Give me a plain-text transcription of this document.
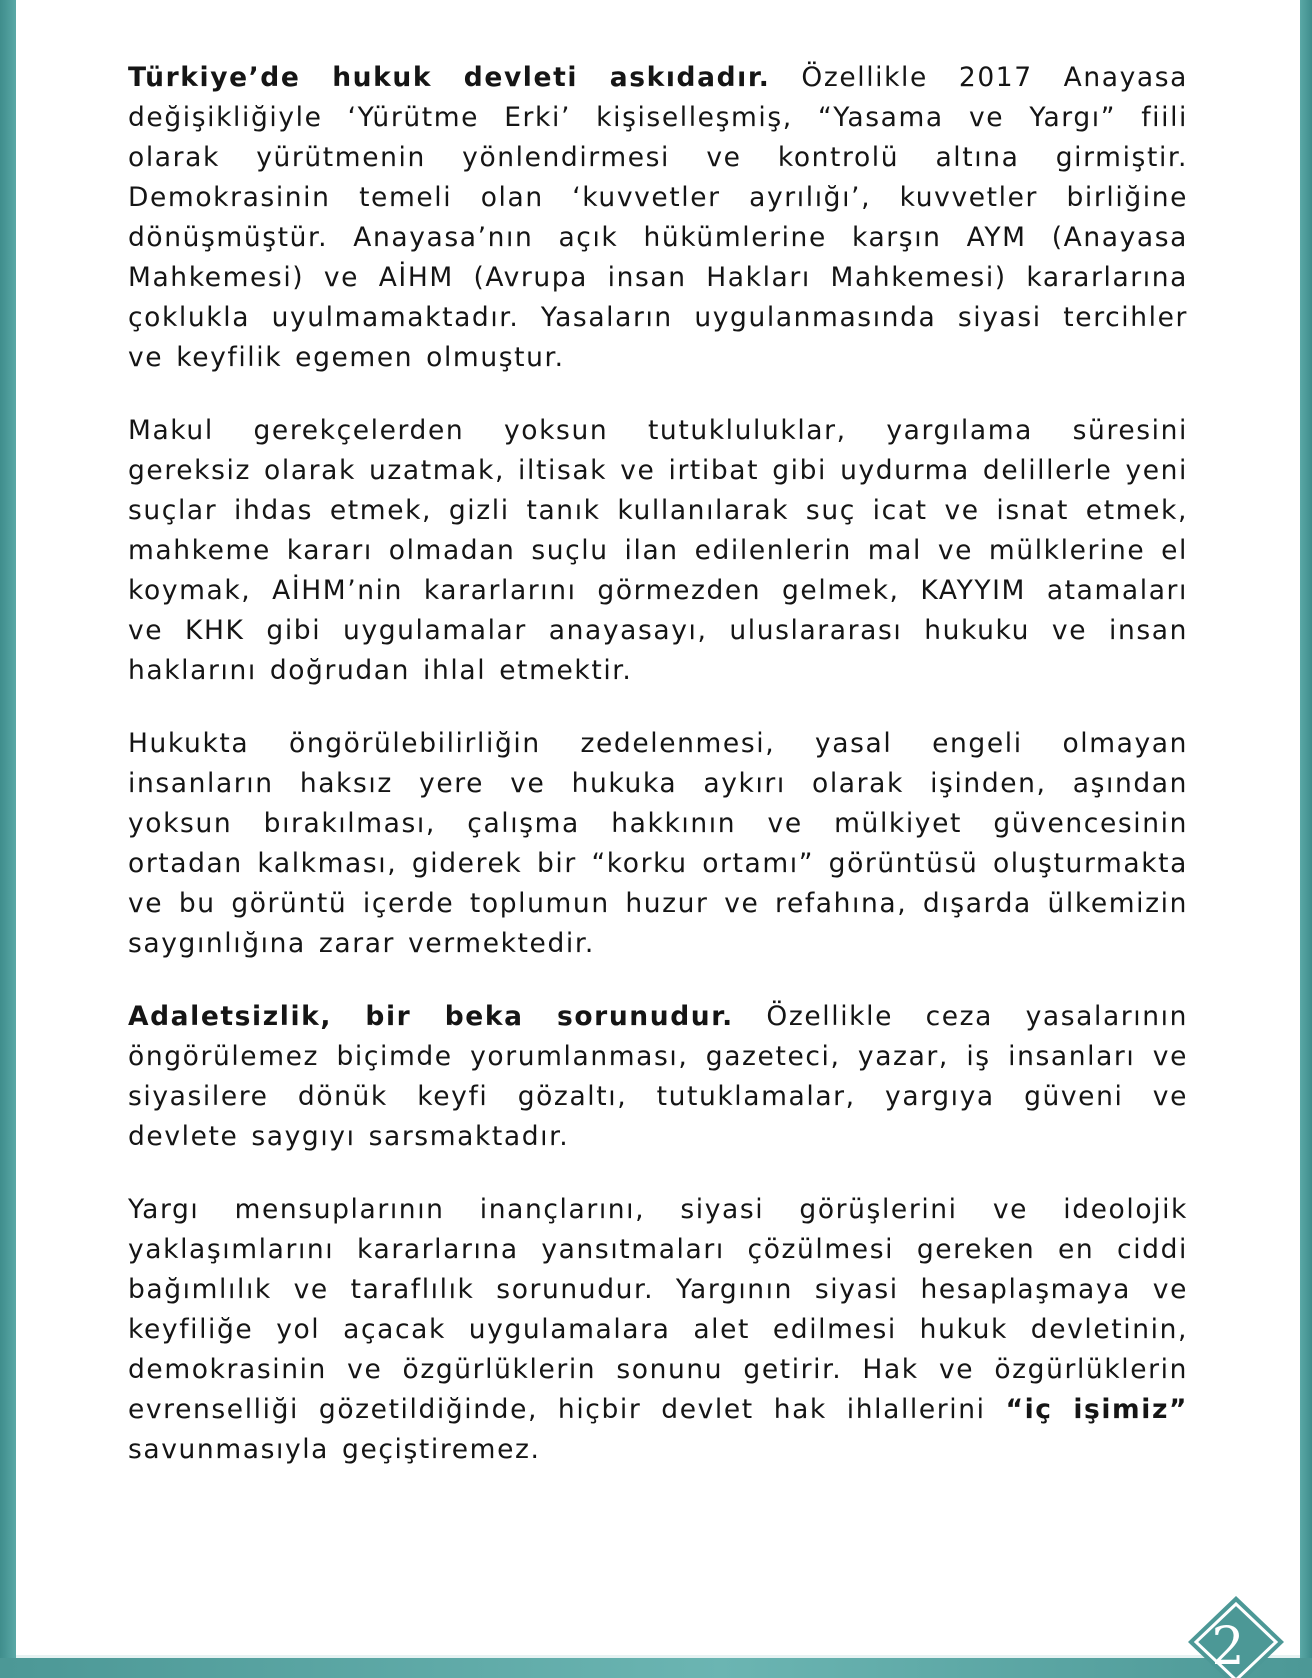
Türkiye’de hukuk devleti askıdadır. Özellikle 2017 Anayasa değişikliğiyle ‘Yürütme Erki’ kişiselleşmiş, “Yasama ve Yargı” fiili olarak yürütmenin yönlendirmesi ve kontrolü altına girmiştir. Demokrasinin temeli olan ‘kuvvetler ayrılığı’, kuvvetler birliğine dönüşmüştür. Anayasa’nın açık hükümlerine karşın AYM (Anayasa Mahkemesi) ve AİHM (Avrupa insan Hakları Mahkemesi) kararlarına çoklukla uyulmamaktadır. Yasaların uygulanmasında siyasi tercihler ve keyfilik egemen olmuştur.

Makul gerekçelerden yoksun tutukluluklar, yargılama süresini gereksiz olarak uzatmak, iltisak ve irtibat gibi uydurma delillerle yeni suçlar ihdas etmek, gizli tanık kullanılarak suç icat ve isnat etmek, mahkeme kararı olmadan suçlu ilan edilenlerin mal ve mülklerine el koymak, AİHM’nin kararlarını görmezden gelmek, KAYYIM atamaları ve KHK gibi uygulamalar anayasayı, uluslararası hukuku ve insan haklarını doğrudan ihlal etmektir.

Hukukta öngörülebilirliğin zedelenmesi, yasal engeli olmayan insanların haksız yere ve hukuka aykırı olarak işinden, aşından yoksun bırakılması, çalışma hakkının ve mülkiyet güvencesinin ortadan kalkması, giderek bir “korku ortamı” görüntüsü oluşturmakta ve bu görüntü içerde toplumun huzur ve refahına, dışarda ülkemizin saygınlığına zarar vermektedir.

Adaletsizlik, bir beka sorunudur. Özellikle ceza yasalarının öngörülemez biçimde yorumlanması, gazeteci, yazar, iş insanları ve siyasilere dönük keyfi gözaltı, tutuklamalar, yargıya güveni ve devlete saygıyı sarsmaktadır.

Yargı mensuplarının inançlarını, siyasi görüşlerini ve ideolojik yaklaşımlarını kararlarına yansıtmaları çözülmesi gereken en ciddi bağımlılık ve taraflılık sorunudur. Yargının siyasi hesaplaşmaya ve keyfiliğe yol açacak uygulamalara alet edilmesi hukuk devletinin, demokrasinin ve özgürlüklerin sonunu getirir. Hak ve özgürlüklerin evrenselliği gözetildiğinde, hiçbir devlet hak ihlallerini “iç işimiz” savunmasıyla geçiştiremez.

2
